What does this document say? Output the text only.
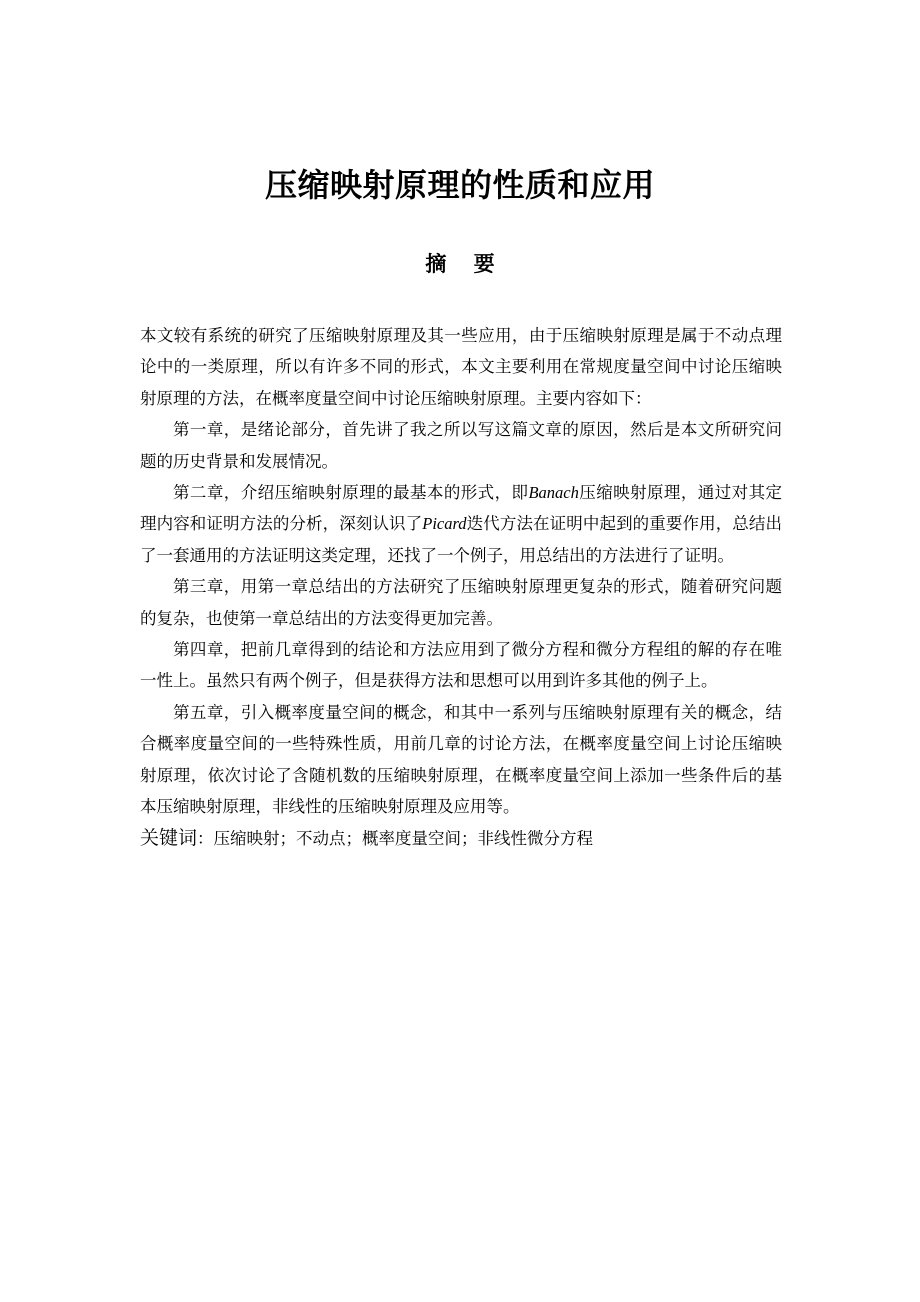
压缩映射原理的性质和应用
摘 要

本文较有系统的研究了压缩映射原理及其一些应用，由于压缩映射原理是属于不动点理论中的一类原理，所以有许多不同的形式，本文主要利用在常规度量空间中讨论压缩映射原理的方法，在概率度量空间中讨论压缩映射原理。主要内容如下：

第一章，是绪论部分，首先讲了我之所以写这篇文章的原因，然后是本文所研究问题的历史背景和发展情况。

第二章，介绍压缩映射原理的最基本的形式，即Banach压缩映射原理，通过对其定理内容和证明方法的分析，深刻认识了Picard迭代方法在证明中起到的重要作用，总结出了一套通用的方法证明这类定理，还找了一个例子，用总结出的方法进行了证明。

第三章，用第一章总结出的方法研究了压缩映射原理更复杂的形式，随着研究问题的复杂，也使第一章总结出的方法变得更加完善。

第四章，把前几章得到的结论和方法应用到了微分方程和微分方程组的解的存在唯一性上。虽然只有两个例子，但是获得方法和思想可以用到许多其他的例子上。

第五章，引入概率度量空间的概念，和其中一系列与压缩映射原理有关的概念，结合概率度量空间的一些特殊性质，用前几章的讨论方法，在概率度量空间上讨论压缩映射原理，依次讨论了含随机数的压缩映射原理，在概率度量空间上添加一些条件后的基本压缩映射原理，非线性的压缩映射原理及应用等。

关键词：压缩映射；不动点；概率度量空间；非线性微分方程
